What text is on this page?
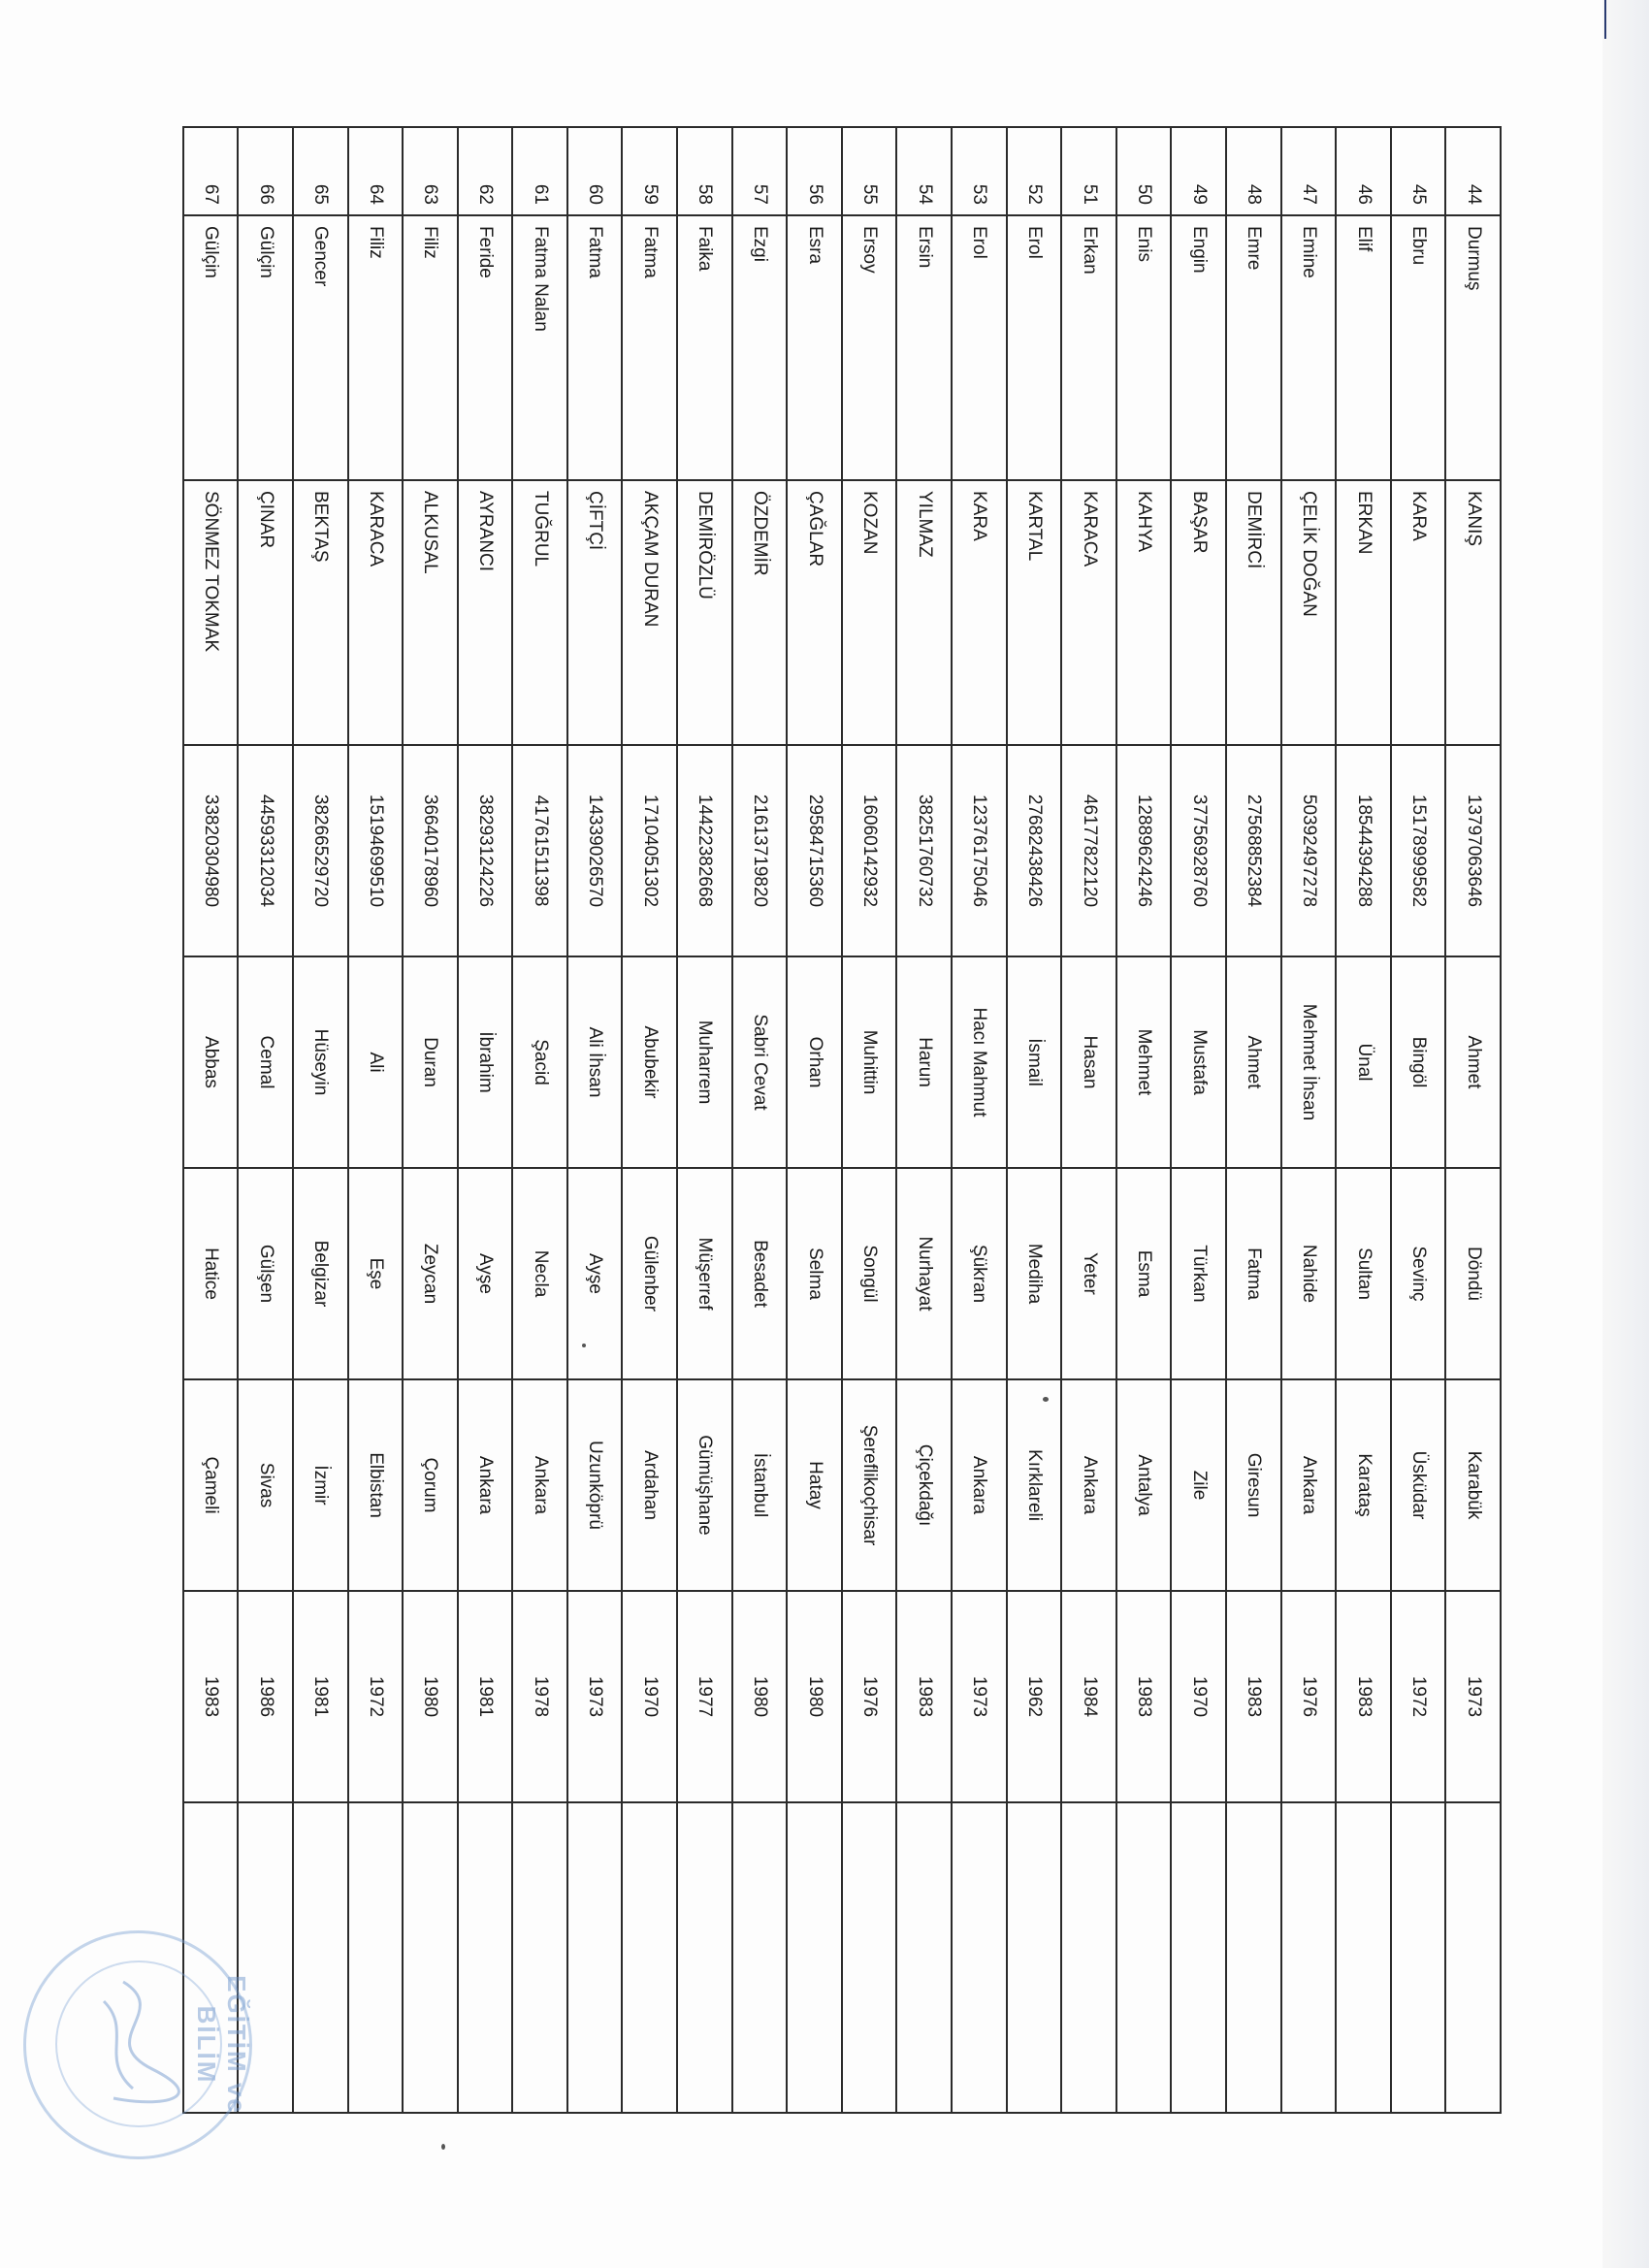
44	Durmuş	KANIŞ	13797063646	Ahmet	Döndü	Karabük	1973	
45	Ebru	KARA	15178999582	Bingöl	Sevinç	Üsküdar	1972	
46	Elif	ERKAN	18544394288	Ünal	Sultan	Karataş	1983	
47	Emine	ÇELİK DOĞAN	50392497278	Mehmet İhsan	Nahide	Ankara	1976	
48	Emre	DEMİRCİ	27568852384	Ahmet	Fatma	Giresun	1983	
49	Engin	BAŞAR	37756928760	Mustafa	Türkan	Zile	1970	
50	Enis	KAHYA	12889624246	Mehmet	Esma	Antalya	1983	
51	Erkan	KARACA	46177822120	Hasan	Yeter	Ankara	1984	
52	Erol	KARTAL	27682438426	İsmail	Mediha	Kırklareli	1962	
53	Erol	KARA	12376175046	Hacı Mahmut	Şükran	Ankara	1973	
54	Ersin	YILMAZ	38251760732	Harun	Nurhayat	Çiçekdağı	1983	
55	Ersoy	KOZAN	16060142932	Muhittin	Songül	Şereflikoçhisar	1976	
56	Esra	ÇAĞLAR	29584715360	Orhan	Selma	Hatay	1980	
57	Ezgi	ÖZDEMİR	21613719820	Sabri Cevat	Besadet	İstanbul	1980	
58	Faika	DEMİRÖZLÜ	14422382668	Muharrem	Müşerref	Gümüşhane	1977	
59	Fatma	AKÇAM DURAN	17104051302	Abubekir	Gülenber	Ardahan	1970	
60	Fatma	ÇİFTÇİ	14339026570	Ali İhsan	Ayşe	Uzunköprü	1973	
61	Fatma Nalan	TUĞRUL	41761511398	Şacid	Necla	Ankara	1978	
62	Feride	AYRANCI	38293124226	İbrahim	Ayşe	Ankara	1981	
63	Filiz	ALKUSAL	36640178960	Duran	Zeycan	Çorum	1980	
64	Filiz	KARACA	15194699510	Ali	Eşe	Elbistan	1972	
65	Gencer	BEKTAŞ	38266529720	Hüseyin	Belgizar	İzmir	1981	
66	Gülçin	ÇINAR	44593312034	Cemal	Gülşen	Sivas	1986	
67	Gülçin	SÖNMEZ TOKMAK	33820304980	Abbas	Hatice	Çameli	1983	
EĞİTİM ve BİLİM
